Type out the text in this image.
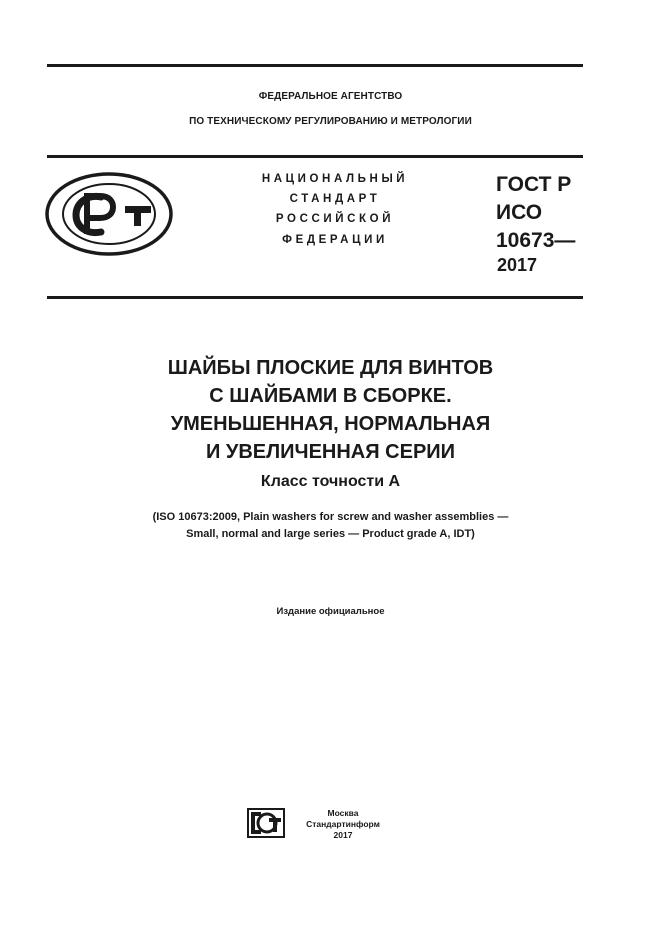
ФЕДЕРАЛЬНОЕ АГЕНТСТВО
ПО ТЕХНИЧЕСКОМУ РЕГУЛИРОВАНИЮ И МЕТРОЛОГИИ
НАЦИОНАЛЬНЫЙ
СТАНДАРТ
РОССИЙСКОЙ
ФЕДЕРАЦИИ
ГОСТ Р
ИСО
10673—
2017
ШАЙБЫ ПЛОСКИЕ ДЛЯ ВИНТОВ
С ШАЙБАМИ В СБОРКЕ.
УМЕНЬШЕННАЯ, НОРМАЛЬНАЯ
И УВЕЛИЧЕННАЯ СЕРИИ
Класс точности А
(ISO 10673:2009, Plain washers for screw and washer assemblies —
Small, normal and large series — Product grade A, IDT)
Издание официальное
Москва
Стандартинформ
2017
